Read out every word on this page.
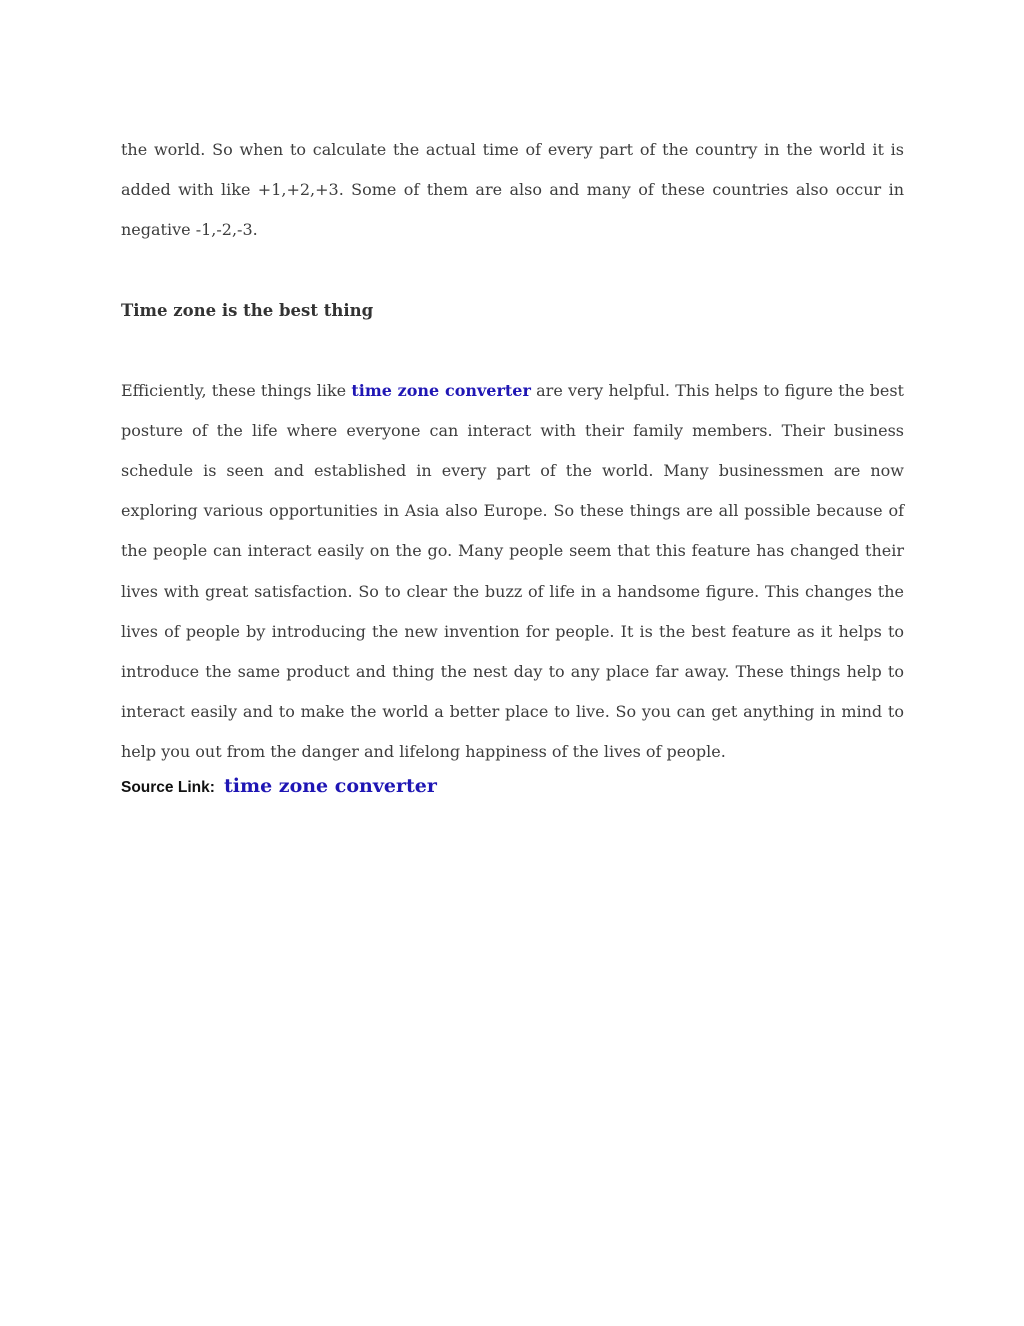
the world. So when to calculate the actual time of every part of the country in the world it is added with like +1,+2,+3. Some of them are also and many of these countries also occur in negative -1,-2,-3.

Time zone is the best thing

Efficiently, these things like time zone converter are very helpful. This helps to figure the best posture of the life where everyone can interact with their family members. Their business schedule is seen and established in every part of the world. Many businessmen are now exploring various opportunities in Asia also Europe. So these things are all possible because of the people can interact easily on the go. Many people seem that this feature has changed their lives with great satisfaction. So to clear the buzz of life in a handsome figure. This changes the lives of people by introducing the new invention for people. It is the best feature as it helps to introduce the same product and thing the nest day to any place far away. These things help to interact easily and to make the world a better place to live. So you can get anything in mind to help you out from the danger and lifelong happiness of the lives of people.

Source Link: time zone converter
